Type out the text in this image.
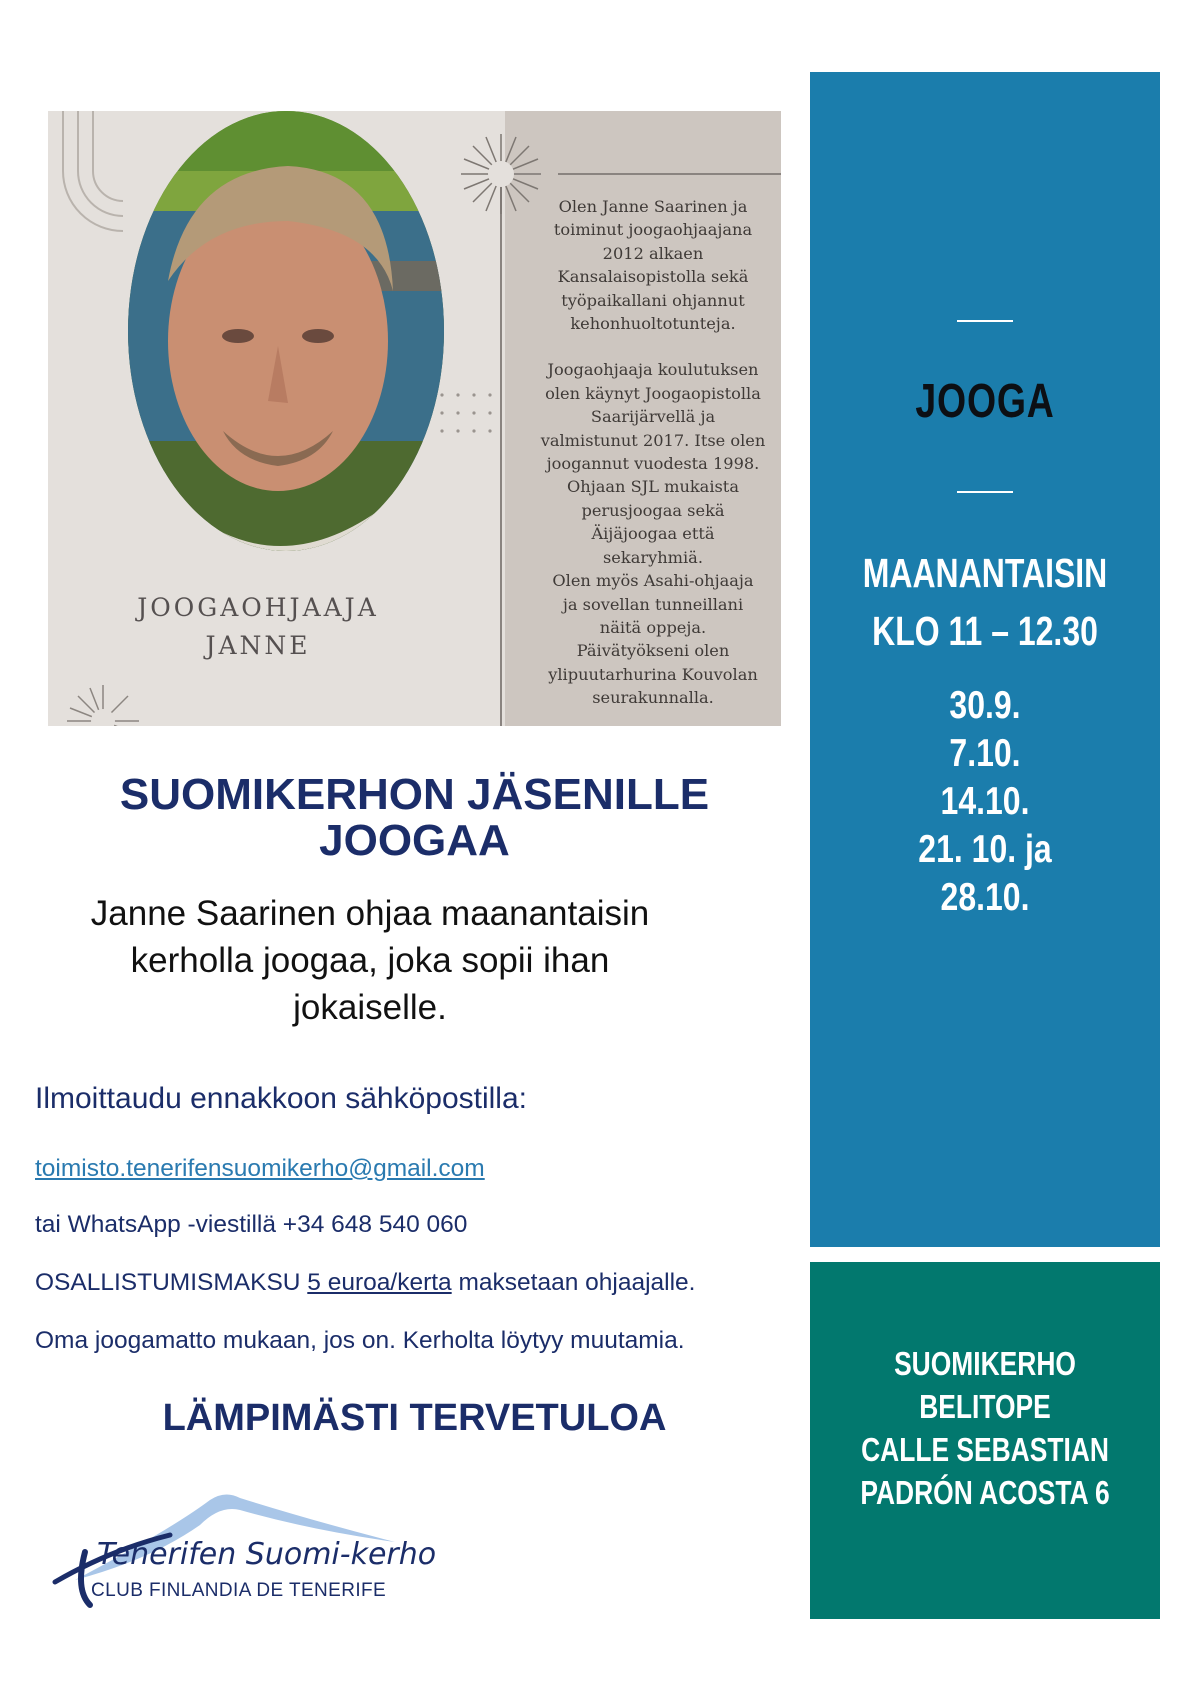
JOOGAOHJAAJA
JANNE

Olen Janne Saarinen ja

toiminut joogaohjaajana

2012 alkaen

Kansalaisopistolla sekä

työpaikallani ohjannut

kehonhuoltotunteja.

Joogaohjaaja koulutuksen

olen käynyt Joogaopistolla

Saarijärvellä ja

valmistunut 2017. Itse olen

joogannut vuodesta 1998.

Ohjaan SJL mukaista

perusjoogaa sekä

Äijäjoogaa että

sekaryhmiä.

Olen myös Asahi-ohjaaja

ja sovellan tunneillani

näitä oppeja.

Päivätyökseni olen

ylipuutarhurina Kouvolan

seurakunnalla.

SUOMIKERHON JÄSENILLE
JOOGAA
Janne Saarinen ohjaa maanantaisin
kerholla joogaa, joka sopii ihan
jokaiselle.
Ilmoittaudu ennakkoon sähköpostilla:
toimisto.tenerifensuomikerho@gmail.com
tai WhatsApp -viestillä +34 648 540 060
OSALLISTUMISMAKSU 5 euroa/kerta maksetaan ohjaajalle.
Oma joogamatto mukaan, jos on. Kerholta löytyy muutamia.
LÄMPIMÄSTI TERVETULOA
Tenerifen Suomi-kerho
CLUB FINLANDIA DE TENERIFE
JOOGA
MAANANTAISIN
KLO 11 – 12.30
30.9.
7.10.
14.10.
21. 10. ja
28.10.
SUOMIKERHO
BELITOPE
CALLE SEBASTIAN
PADRÓN ACOSTA 6
